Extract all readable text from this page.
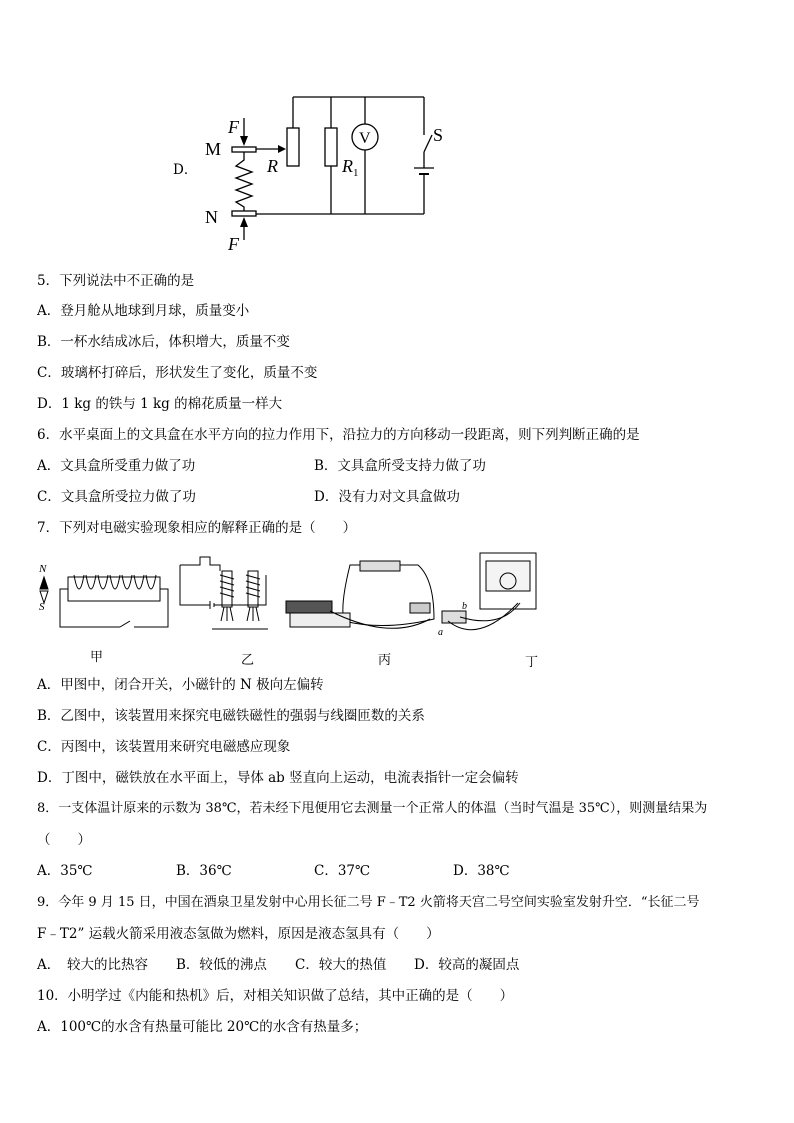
D．
F
M
N
F
R	R 1
V	S
5．下列说法中不正确的是
A．登月舱从地球到月球，质量变小
B．一杯水结成冰后，体积增大，质量不变
C．玻璃杯打碎后，形状发生了变化，质量不变
D．1 kg 的铁与 1 kg 的棉花质量一样大
6．水平桌面上的文具盒在水平方向的拉力作用下，沿拉力的方向移动一段距离，则下列判断正确的是
A．文具盒所受重力做了功	B．文具盒所受支持力做了功
C．文具盒所受拉力做了功	D．没有力对文具盒做功
7．下列对电磁实验现象相应的解释正确的是（　　）
N
S	b
a
甲	乙	丙	丁
A．甲图中，闭合开关，小磁针的 N 极向左偏转
B．乙图中，该装置用来探究电磁铁磁性的强弱与线圈匝数的关系
C．丙图中，该装置用来研究电磁感应现象
D．丁图中，磁铁放在水平面上，导体 ab 竖直向上运动，电流表指针一定会偏转
8．一支体温计原来的示数为 38℃，若未经下甩便用它去测量一个正常人的体温（当时气温是 35℃），则测量结果为
（　　）
A．35℃	B．36℃	C．37℃	D．38℃
9．今年 9 月 15 日，中国在酒泉卫星发射中心用长征二号 F﹣T2 火箭将天宫二号空间实验室发射升空．“长征二号
F﹣T2” 运载火箭采用液态氢做为燃料，原因是液态氢具有（　　）
A．　较大的比热容 B．较低的沸点 C．较大的热值 D．较高的凝固点
10．小明学过《内能和热机》后，对相关知识做了总结，其中正确的是（　　）
A．100℃的水含有热量可能比 20℃的水含有热量多；
